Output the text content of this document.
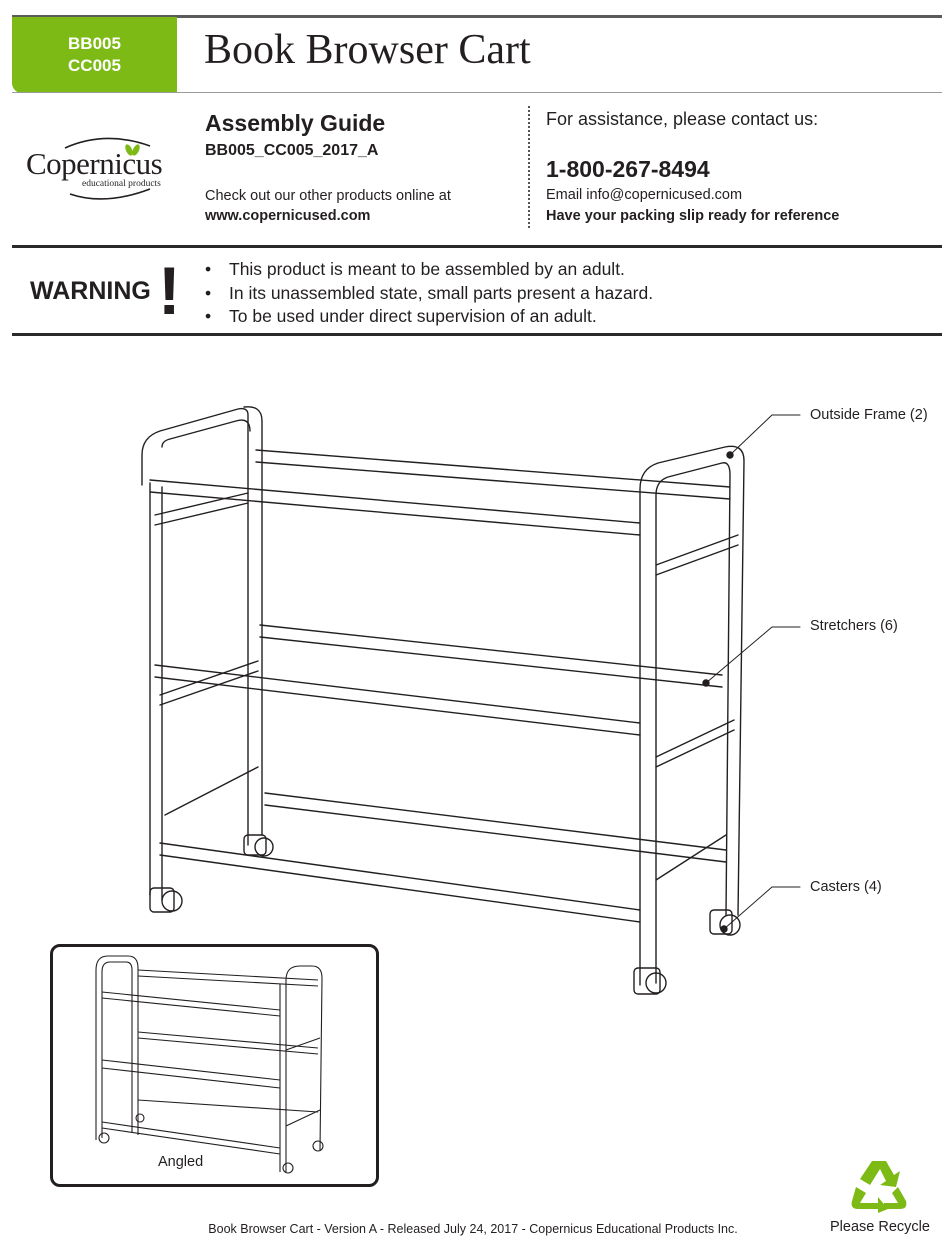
BB005
CC005	Book Browser Cart
Copernicus
educational products
Assembly Guide
BB005_CC005_2017_A
Check out our other products online at
www.copernicused.com
For assistance, please contact us:
1-800-267-8494
Email info@copernicused.com
Have your packing slip ready for reference
WARNING !
•	This product is meant to be assembled by an adult.
• In its unassembled state, small parts present a hazard.
• To be used under direct supervision of an adult.
Outside Frame (2)
Stretchers (6)
Casters (4)
Angled
Please Recycle
Book Browser Cart - Version A - Released July 24, 2017 - Copernicus Educational Products Inc.
